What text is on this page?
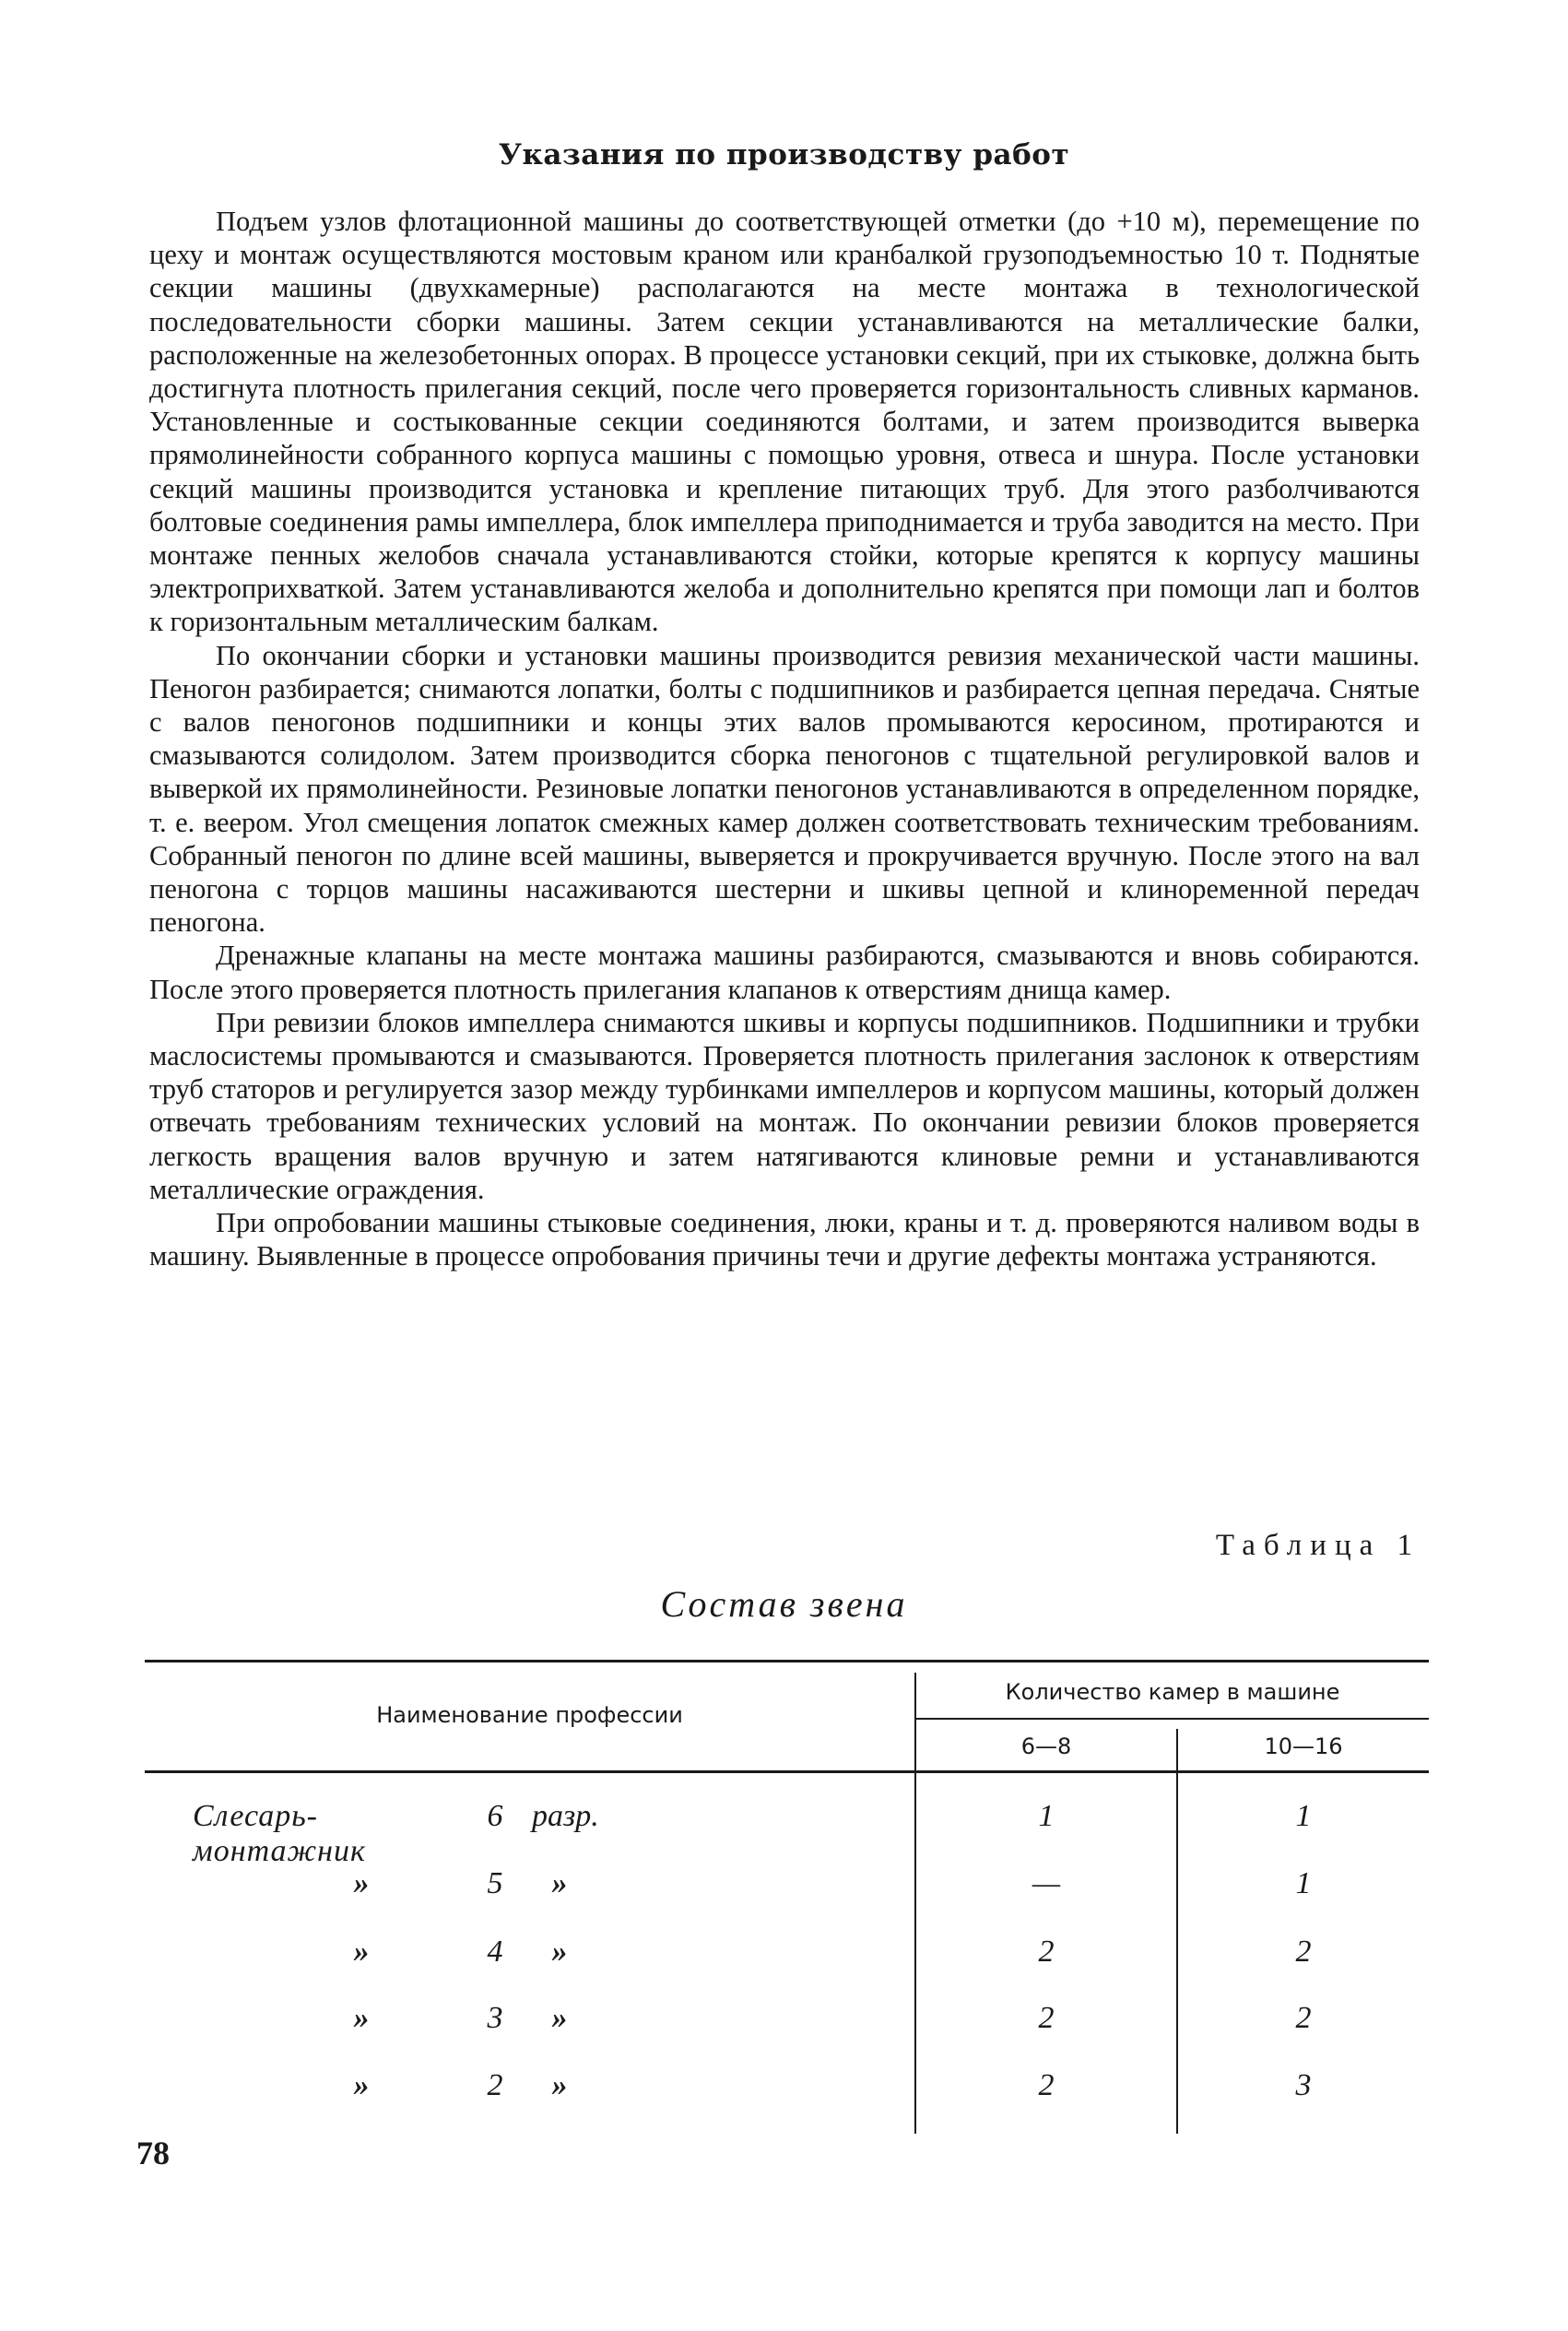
Указания по производству работ

Подъем узлов флотационной машины до соответствующей отметки (до +10 м), перемещение по цеху и монтаж осуществляются мостовым краном или кранбалкой грузоподъемностью 10 т. Поднятые секции машины (двухкамерные) располагаются на месте монтажа в технологической последовательности сборки машины. Затем секции устанавливаются на металлические балки, расположенные на железобетонных опорах. В процессе установки секций, при их стыковке, должна быть достигнута плотность прилегания секций, после чего проверяется горизонтальность сливных карманов. Установленные и состыкованные секции соединяются болтами, и затем производится выверка прямолинейности собранного корпуса машины с помощью уровня, отвеса и шнура. После установки секций машины производится установка и крепление питающих труб. Для этого разболчиваются болтовые соединения рамы импеллера, блок импеллера приподнимается и труба заводится на место. При монтаже пенных желобов сначала устанавливаются стойки, которые крепятся к корпусу машины электроприхваткой. Затем устанавливаются желоба и дополнительно крепятся при помощи лап и болтов к горизонтальным металлическим балкам.

По окончании сборки и установки машины производится ревизия механической части машины. Пеногон разбирается; снимаются лопатки, болты с подшипников и разбирается цепная передача. Снятые с валов пеногонов подшипники и концы этих валов промываются керосином, протираются и смазываются солидолом. Затем производится сборка пеногонов с тщательной регулировкой валов и выверкой их прямолинейности. Резиновые лопатки пеногонов устанавливаются в определенном порядке, т. е. веером. Угол смещения лопаток смежных камер должен соответствовать техническим требованиям. Собранный пеногон по длине всей машины, выверяется и прокручивается вручную. После этого на вал пеногона с торцов машины насаживаются шестерни и шкивы цепной и клиноременной передач пеногона.

Дренажные клапаны на месте монтажа машины разбираются, смазываются и вновь собираются. После этого проверяется плотность прилегания клапанов к отверстиям днища камер.

При ревизии блоков импеллера снимаются шкивы и корпусы подшипников. Подшипники и трубки маслосистемы промываются и смазываются. Проверяется плотность прилегания заслонок к отверстиям труб статоров и регулируется зазор между турбинками импеллеров и корпусом машины, который должен отвечать требованиям технических условий на монтаж. По окончании ревизии блоков проверяется легкость вращения валов вручную и затем натягиваются клиновые ремни и устанавливаются металлические ограждения.

При опробовании машины стыковые соединения, люки, краны и т. д. проверяются наливом воды в машину. Выявленные в процессе опробования причины течи и другие дефекты монтажа устраняются.

Таблица 1
Состав звена
Наименование профессии
Количество камер в машине
6—8	10—16
Слесарь-монтажник
6 разр.	1	1
»	5	»	—	1
»	4	»	2	2
»	3	»	2	2
»	2	»	2	3
78
